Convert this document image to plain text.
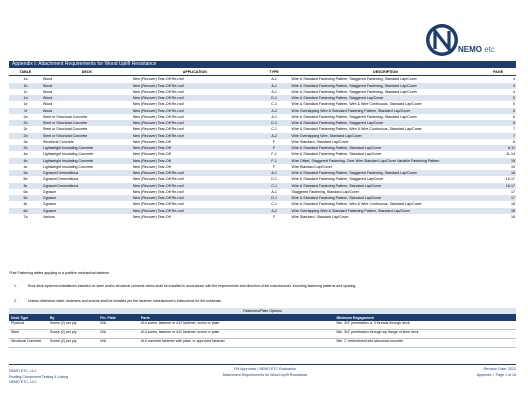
NEMO etc
Appendix I: Attachment Requirements for Wood Uplift Resistance
TABLE	DECK	APPLICATION	TYPE	DESCRIPTION	PAGE
1a	Wood	New (Recover) Tear-Off Re-roof	A-1	Wire & Standard Fastening Pattern, Staggered Fastening, Standard Lap/Cover	4
1b	Wood	New (Recover) Tear-Off Re-roof	A-1	Wire & Standard Fastening Pattern, Staggered Fastening, Standard Lap/Cover	4
1c	Wood	New (Recover) Tear-Off Re-roof	A-1	Wire & Standard Fastening Pattern, Staggered Fastening, Standard Lap/Cover	4
1d	Wood	New (Recover) Tear-Off Re-roof	D-1	Wire & Standard Fastening Pattern, Staggered Lap/Cover	5
1e	Wood	New (Recover) Tear-Off Re-roof	C-1	Wire & Standard Fastening Pattern, Wire & Wire Continuous, Standard Lap/Cover	5
1f	Wood	New (Recover) Tear-Off Re-roof	A-2	Wire Overlapping Wire & Standard Fastening Pattern, Standard Lap/Cover	5
2a	Steel or Structural Concrete	New (Recover) Tear-Off Re-roof	A-1	Wire & Standard Fastening Pattern, Staggered Fastening, Standard Lap/Cover	6
2b	Steel or Structural Concrete	New (Recover) Tear-Off Re-roof	D-1	Wire & Standard Fastening Pattern, Staggered Lap/Cover	6
2c	Steel or Structural Concrete	New (Recover) Tear-Off Re-roof	C-1	Wire & Standard Fastening Pattern, Wire & Wire Continuous, Standard Lap/Cover	7
2d	Steel or Structural Concrete	New (Recover) Tear-Off Re-roof	A-2	Wire Overlapping Wire, Standard Lap/Cover	7
3a	Structural Concrete	New (Recover) Tear-Off	F	Wire Standard, Standard Lap/Cover	8
3b	Lightweight Insulating Concrete	New (Recover) Tear-Off	F	Wire & Standard Fastening Pattern, Standard Lap/Cover	8-11
4a	Lightweight Insulating Concrete	New (Recover) Tear-Off	F-1	Wire & Standard Fastening Pattern, Standard Lap/Cover	11-14
4b	Lightweight Insulating Concrete	New (Recover) Tear-Off	F-1	Wire Offset, Staggered Fastening, Over Wire Standard Lap/Cover Variable Fastening Pattern	15
4c	Lightweight Insulating Concrete	New (Recover) Tear-Off	F	Wire Standard Lap/Cover	15
5a	Gypsum/Cementitious	New (Recover) Tear-Off Re-roof	A-1	Wire & Standard Fastening Pattern, Staggered Fastening, Standard Lap/Cover	16
5b	Gypsum/Cementitious	New (Recover) Tear-Off Re-roof	D-1	Wire & Standard Fastening Pattern, Staggered Lap/Cover	16-17
5c	Gypsum/Cementitious	New (Recover) Tear-Off Re-roof	C-1	Wire & Standard Fastening Pattern, Standard Lap/Cover	16-17
6a	Gypsum	New (Recover) Tear-Off Re-roof	A-1	Staggered Fastening, Standard Lap/Cover	17
6b	Gypsum	New (Recover) Tear-Off Re-roof	D-1	Wire & Standard Fastening Pattern, Standard Lap/Cover	17
6c	Gypsum	New (Recover) Tear-Off Re-roof	C-1	Wire & Standard Fastening Pattern, Wire & Wire Continuous, Standard Lap/Cover	18
6d	Gypsum	New (Recover) Tear-Off Re-roof	A-2	Wire Overlapping Wire & Standard Fastening Pattern, Standard Lap/Cover	18
7a	Various	New (Recover) Tear-Off	F	Wire Standard, Standard Lap/Cover	18
*See Fastening tables applying to a positive mechanical fastener
1.	Roof deck systems installations installed on steel and/or structural concrete decks shall be installed in accordance with the requirements and direction of the manufacturer, including fastening patterns and spacing.
2.	Unless otherwise noted, fasteners and screws shall be installed per the fastener manufacturer's instructions for the substrate.
Fasteners/Plate Options
Deck Type	By	Fin. Plate	Parts	Minimum Engagement
Plywood	Screw (2) per ply	N/A	#14 screw, fastener or #12 fastener, screw or plate	Min. 3/4" penetration or 3 threads through deck
Steel	Screw (2) per ply	N/A	#14 screw, fastener or #12 fastener, screw or plate	Min. 3/4" penetration through top flange of steel deck
Structural Concrete	Screw (2) per ply	N/A	#14 concrete fastener with plate, or approved fastener	Min. 1" embedment into structural concrete
NEMO ETC, LLC
Roofing Component Testing & Listing
NEMO ETC, LLC
FM Approvals / NEMO ETC Evaluation
Attachment Requirements for Wood Uplift Resistance
Revision Date: 2022
Appendix I, Page 1 of 18
